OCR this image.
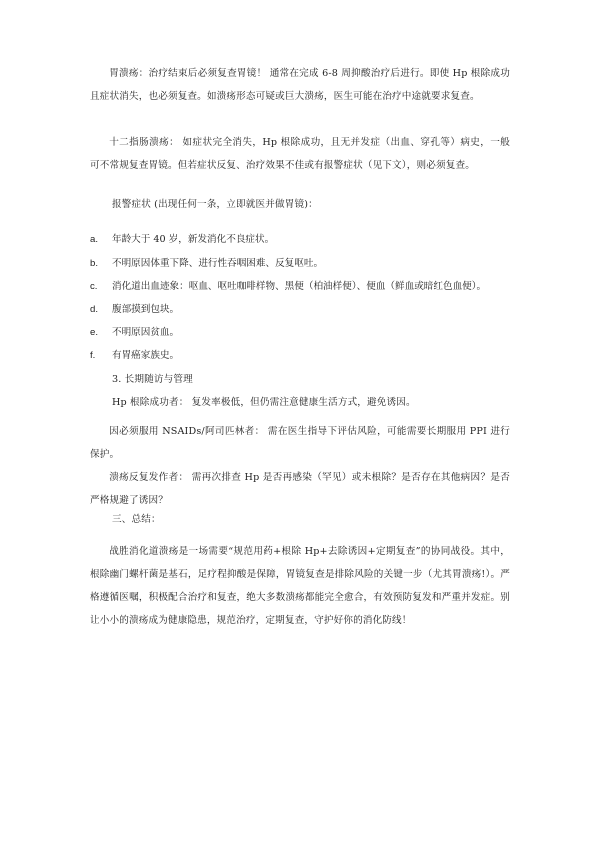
胃溃疡：治疗结束后必须复查胃镜！ 通常在完成 6-8 周抑酸治疗后进行。即使 Hp 根除成功且症状消失，也必须复查。如溃疡形态可疑或巨大溃疡，医生可能在治疗中途就要求复查。

十二指肠溃疡： 如症状完全消失，Hp 根除成功，且无并发症（出血、穿孔等）病史，一般可不常规复查胃镜。但若症状反复、治疗效果不佳或有报警症状（见下文），则必须复查。

报警症状 (出现任何一条，立即就医并做胃镜)：

a. 年龄大于 40 岁，新发消化不良症状。
b. 不明原因体重下降、进行性吞咽困难、反复呕吐。
c. 消化道出血迹象：呕血、呕吐咖啡样物、黑便（柏油样便）、便血（鲜血或暗红色血便）。
d. 腹部摸到包块。
e. 不明原因贫血。
f. 有胃癌家族史。

3. 长期随访与管理

Hp 根除成功者： 复发率极低，但仍需注意健康生活方式，避免诱因。

因必须服用 NSAIDs/阿司匹林者： 需在医生指导下评估风险，可能需要长期服用 PPI 进行保护。

溃疡反复发作者： 需再次排查 Hp 是否再感染（罕见）或未根除？是否存在其他病因？是否严格规避了诱因？

三、总结：

战胜消化道溃疡是一场需要“规范用药+根除 Hp+去除诱因+定期复查”的协同战役。其中，根除幽门螺杆菌是基石，足疗程抑酸是保障，胃镜复查是排除风险的关键一步（尤其胃溃疡!）。严格遵循医嘱，积极配合治疗和复查，绝大多数溃疡都能完全愈合，有效预防复发和严重并发症。别让小小的溃疡成为健康隐患，规范治疗，定期复查，守护好你的消化防线！
